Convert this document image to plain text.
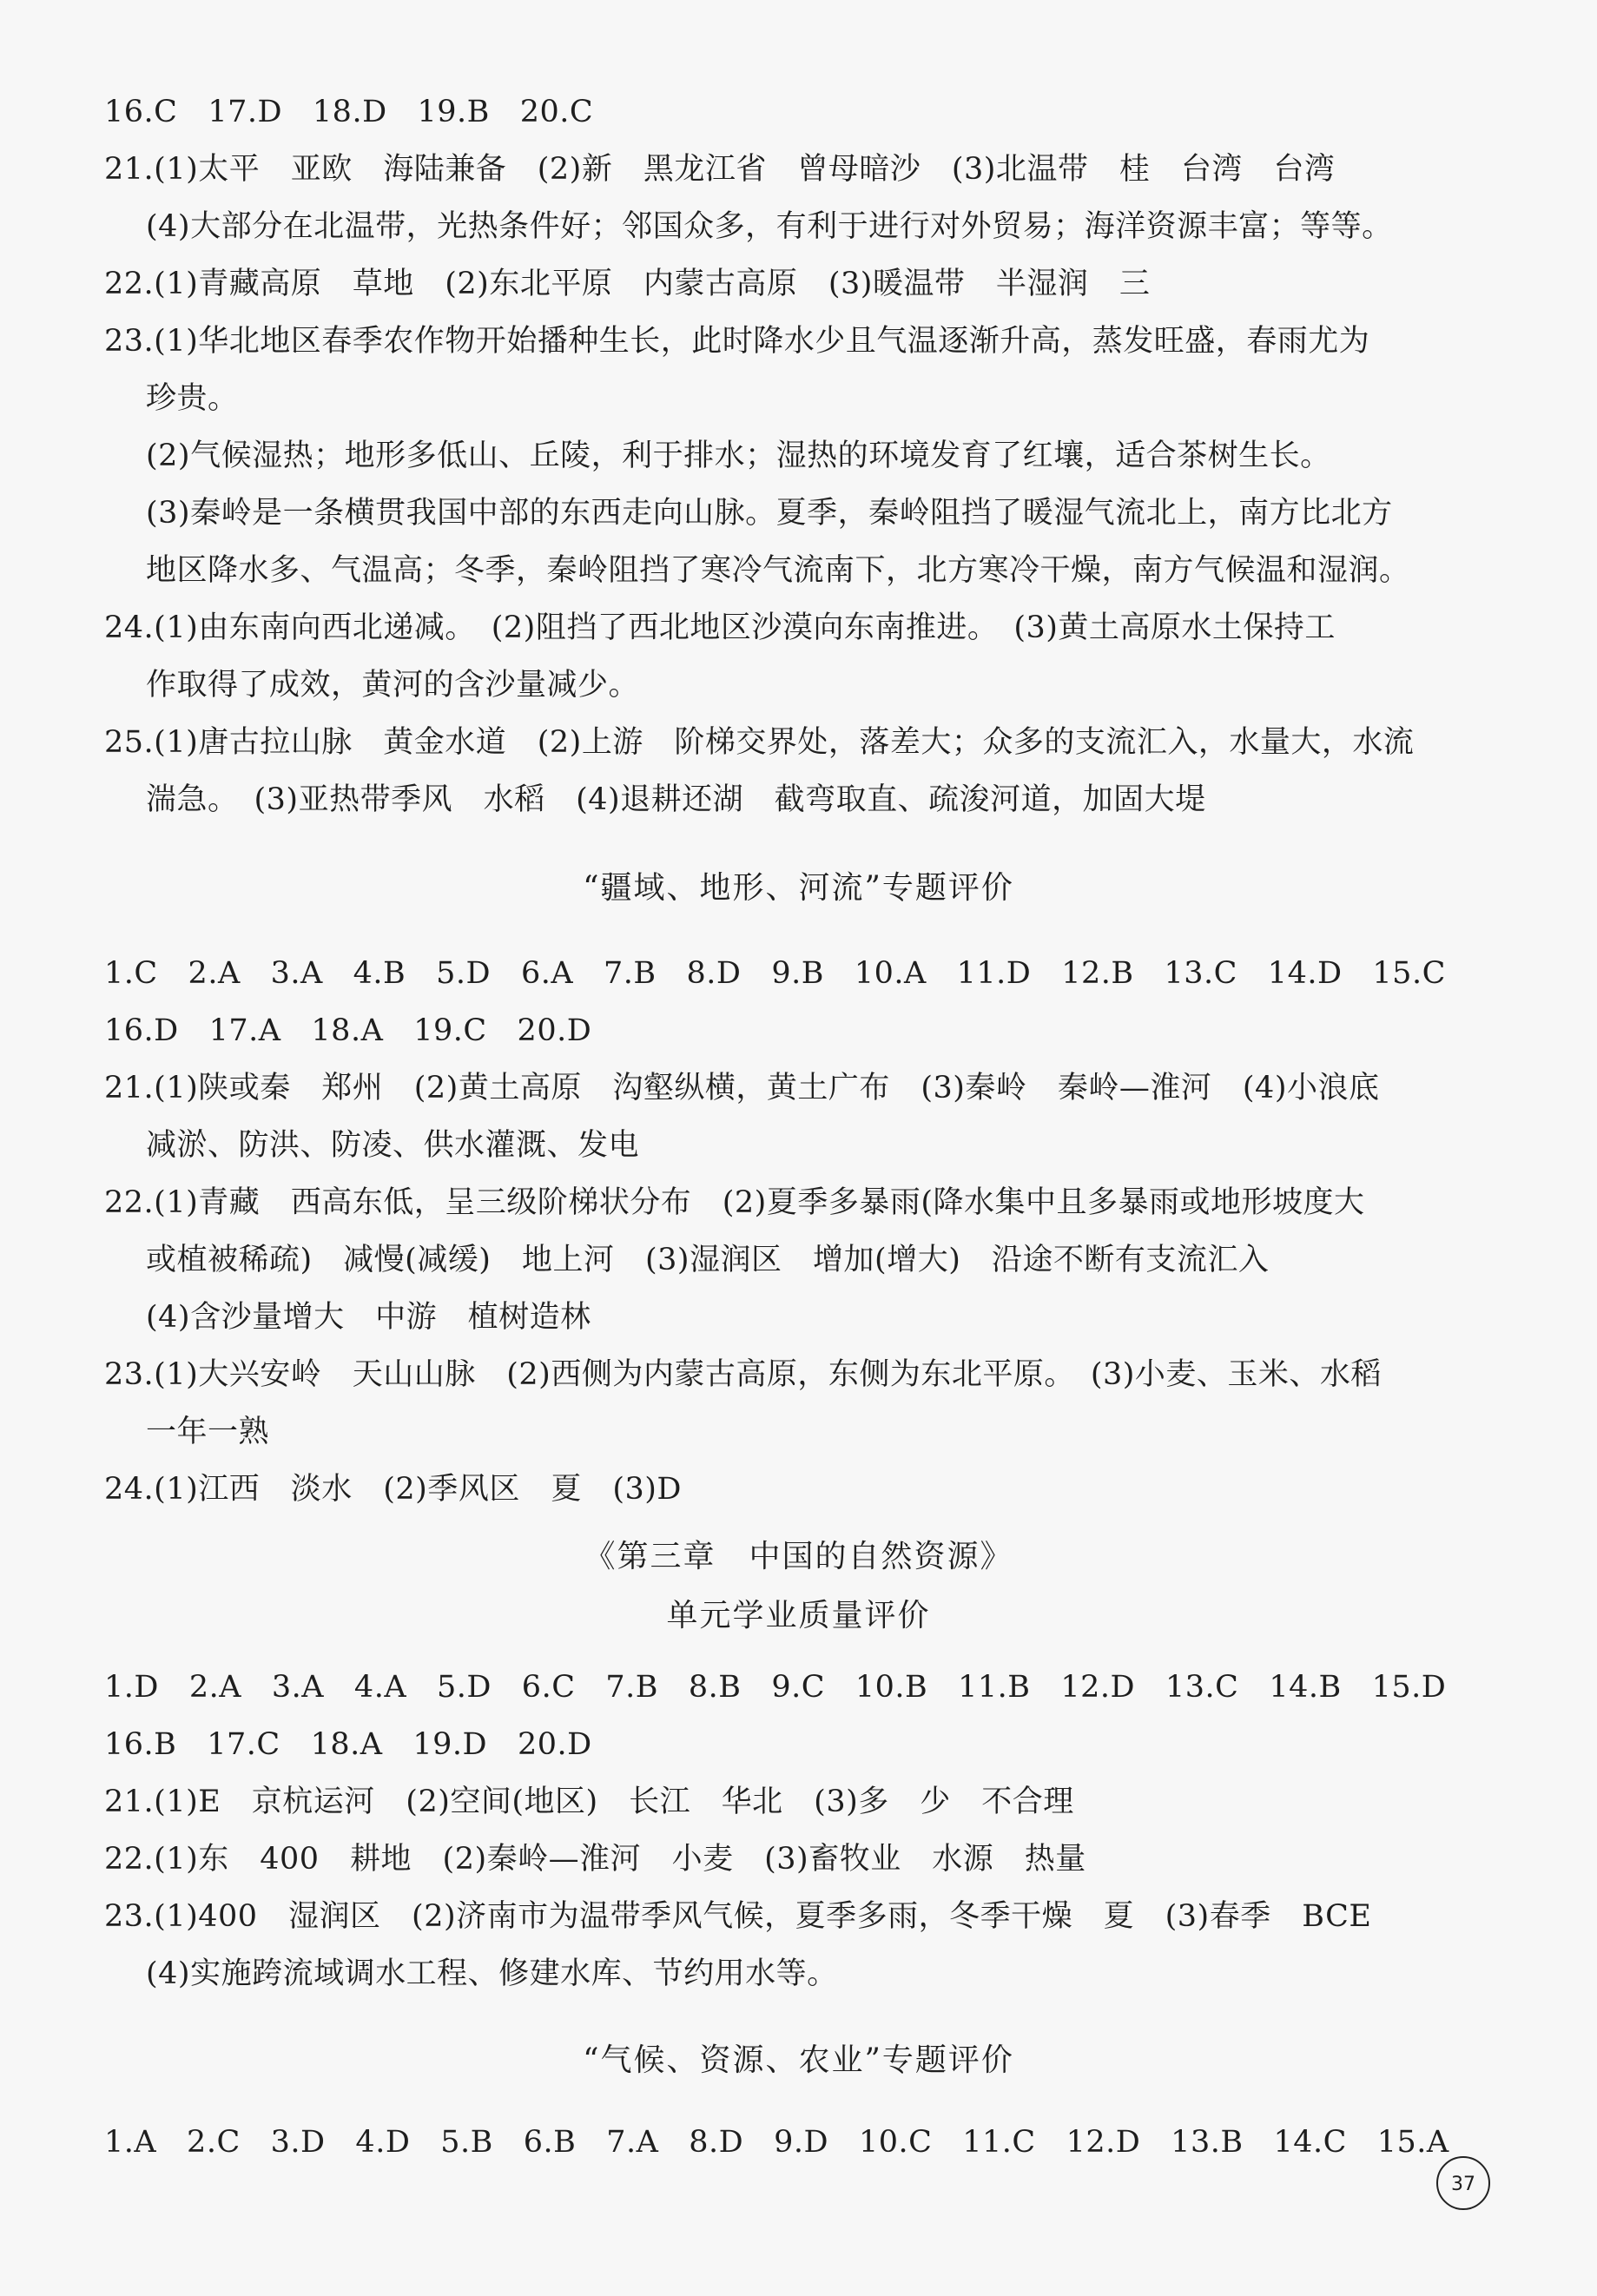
16.C   17.D   18.D   19.B   20.C
21.(1)太平　亚欧　海陆兼备　(2)新　黑龙江省　曾母暗沙　(3)北温带　桂　台湾　台湾
(4)大部分在北温带，光热条件好；邻国众多，有利于进行对外贸易；海洋资源丰富；等等。
22.(1)青藏高原　草地　(2)东北平原　内蒙古高原　(3)暖温带　半湿润　三
23.(1)华北地区春季农作物开始播种生长，此时降水少且气温逐渐升高，蒸发旺盛，春雨尤为
珍贵。
(2)气候湿热；地形多低山、丘陵，利于排水；湿热的环境发育了红壤，适合茶树生长。
(3)秦岭是一条横贯我国中部的东西走向山脉。夏季，秦岭阻挡了暖湿气流北上，南方比北方
地区降水多、气温高；冬季，秦岭阻挡了寒冷气流南下，北方寒冷干燥，南方气候温和湿润。
24.(1)由东南向西北递减。　(2)阻挡了西北地区沙漠向东南推进。　(3)黄土高原水土保持工
作取得了成效，黄河的含沙量减少。
25.(1)唐古拉山脉　黄金水道　(2)上游　阶梯交界处，落差大；众多的支流汇入，水量大，水流
湍急。　(3)亚热带季风　水稻　(4)退耕还湖　截弯取直、疏浚河道，加固大堤
“疆域、地形、河流”专题评价
1.C   2.A   3.A   4.B   5.D   6.A   7.B   8.D   9.B   10.A   11.D   12.B   13.C   14.D   15.C
16.D   17.A   18.A   19.C   20.D
21.(1)陕或秦　郑州　(2)黄土高原　沟壑纵横，黄土广布　(3)秦岭　秦岭—淮河　(4)小浪底
减淤、防洪、防凌、供水灌溉、发电
22.(1)青藏　西高东低，呈三级阶梯状分布　(2)夏季多暴雨(降水集中且多暴雨或地形坡度大
或植被稀疏)　减慢(减缓)　地上河　(3)湿润区　增加(增大)　沿途不断有支流汇入
(4)含沙量增大　中游　植树造林
23.(1)大兴安岭　天山山脉　(2)西侧为内蒙古高原，东侧为东北平原。　(3)小麦、玉米、水稻
一年一熟
24.(1)江西　淡水　(2)季风区　夏　(3)D
《第三章　中国的自然资源》
单元学业质量评价
1.D   2.A   3.A   4.A   5.D   6.C   7.B   8.B   9.C   10.B   11.B   12.D   13.C   14.B   15.D
16.B   17.C   18.A   19.D   20.D
21.(1)E　京杭运河　(2)空间(地区)　长江　华北　(3)多　少　不合理
22.(1)东　400　耕地　(2)秦岭—淮河　小麦　(3)畜牧业　水源　热量
23.(1)400　湿润区　(2)济南市为温带季风气候，夏季多雨，冬季干燥　夏　(3)春季　BCE
(4)实施跨流域调水工程、修建水库、节约用水等。
“气候、资源、农业”专题评价
1.A   2.C   3.D   4.D   5.B   6.B   7.A   8.D   9.D   10.C   11.C   12.D   13.B   14.C   15.A
37
